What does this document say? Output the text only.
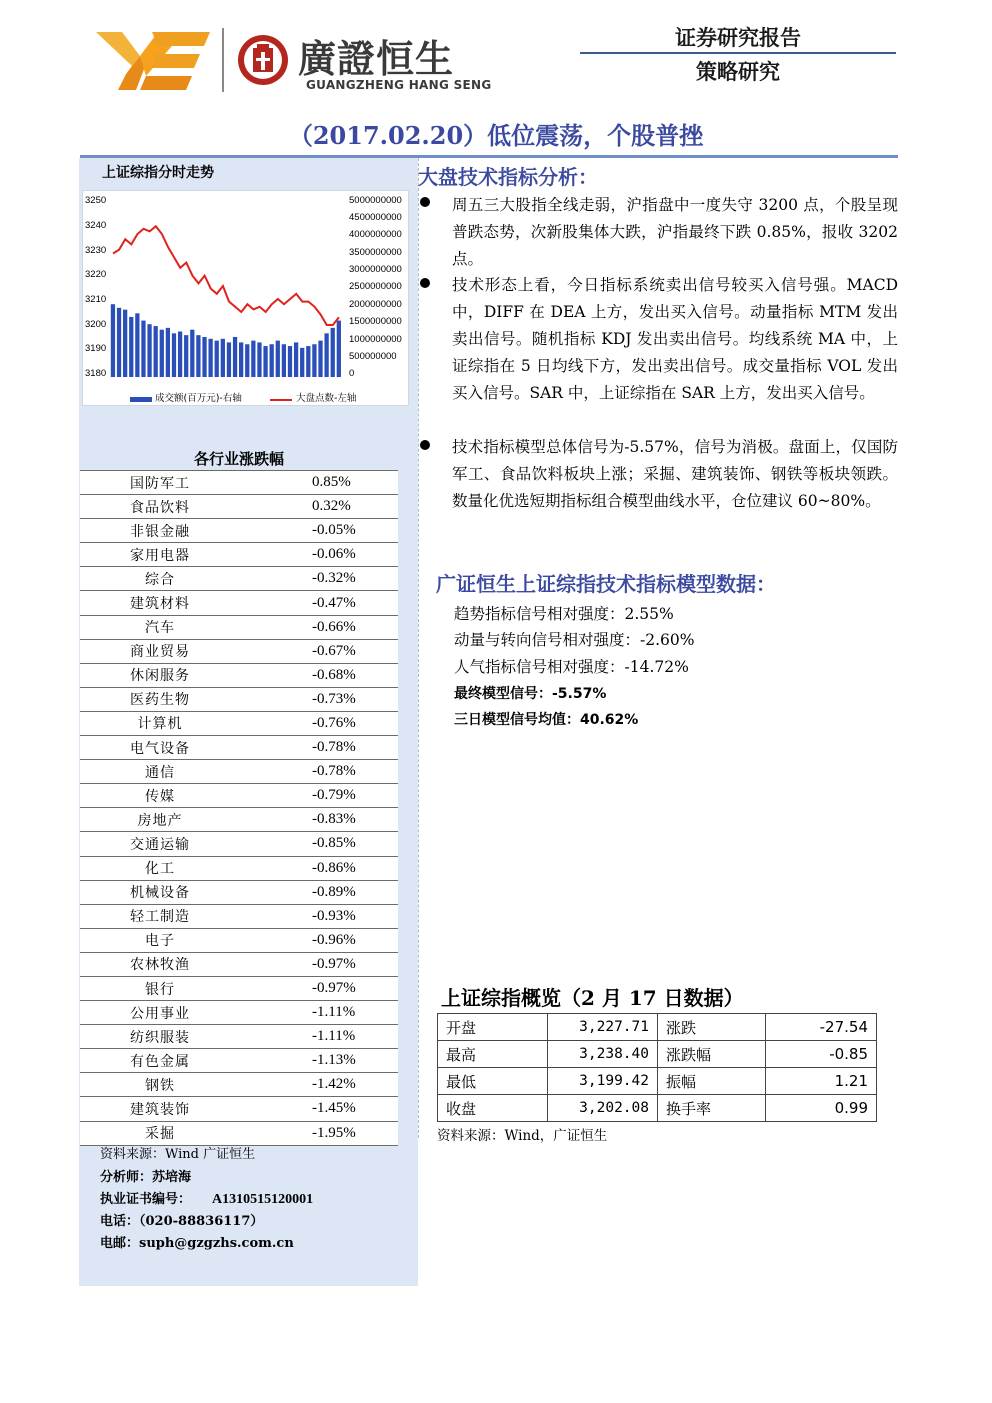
廣證恒生
GUANGZHENG HANG SENG
证券研究报告
策略研究
（2017.02.20）低位震荡，个股普挫
上证综指分时走势
3250
3240
3230
3220
3210
3200
3190
3180
5000000000
4500000000
4000000000
3500000000
3000000000
2500000000
2000000000
1500000000
1000000000
500000000
0
成交额(百万元)-右轴	大盘点数-左轴
各行业涨跌幅
国防军工	0.85%
食品饮料	0.32%
非银金融	-0.05%
家用电器	-0.06%
综合	-0.32%
建筑材料	-0.47%
汽车	-0.66%
商业贸易	-0.67%
休闲服务	-0.68%
医药生物	-0.73%
计算机	-0.76%
电气设备	-0.78%
通信	-0.78%
传媒	-0.79%
房地产	-0.83%
交通运输	-0.85%
化工	-0.86%
机械设备	-0.89%
轻工制造	-0.93%
电子	-0.96%
农林牧渔	-0.97%
银行	-0.97%
公用事业	-1.11%
纺织服装	-1.11%
有色金属	-1.13%
钢铁	-1.42%
建筑装饰	-1.45%
采掘	-1.95%
资料来源：Wind 广证恒生
分析师：苏培海
执业证书编号： A1310515120001
电话：（020-88836117）
电邮：suph@gzgzhs.com.cn
大盘技术指标分析：
周五三大股指全线走弱，沪指盘中一度失守 3200 点，个股呈现普跌态势，次新股集体大跌，沪指最终下跌 0.85%，报收 3202 点。
技术形态上看，今日指标系统卖出信号较买入信号强。MACD 中，DIFF 在 DEA 上方，发出买入信号。动量指标 MTM 发出卖出信号。随机指标 KDJ 发出卖出信号。均线系统 MA 中，上证综指在 5 日均线下方，发出卖出信号。成交量指标 VOL 发出买入信号。SAR 中，上证综指在 SAR 上方，发出买入信号。
技术指标模型总体信号为-5.57%，信号为消极。盘面上，仅国防军工、食品饮料板块上涨；采掘、建筑装饰、钢铁等板块领跌。数量化优选短期指标组合模型曲线水平，仓位建议 60~80%。
广证恒生上证综指技术指标模型数据：
趋势指标信号相对强度：2.55%
动量与转向信号相对强度：-2.60%
人气指标信号相对强度：-14.72%
最终模型信号：-5.57%
三日模型信号均值：40.62%
上证综指概览（2 月 17 日数据）
开盘	3,227.71	涨跌	-27.54
最高	3,238.40	涨跌幅	-0.85
最低	3,199.42	振幅	1.21
收盘	3,202.08	换手率	0.99
资料来源：Wind，广证恒生
